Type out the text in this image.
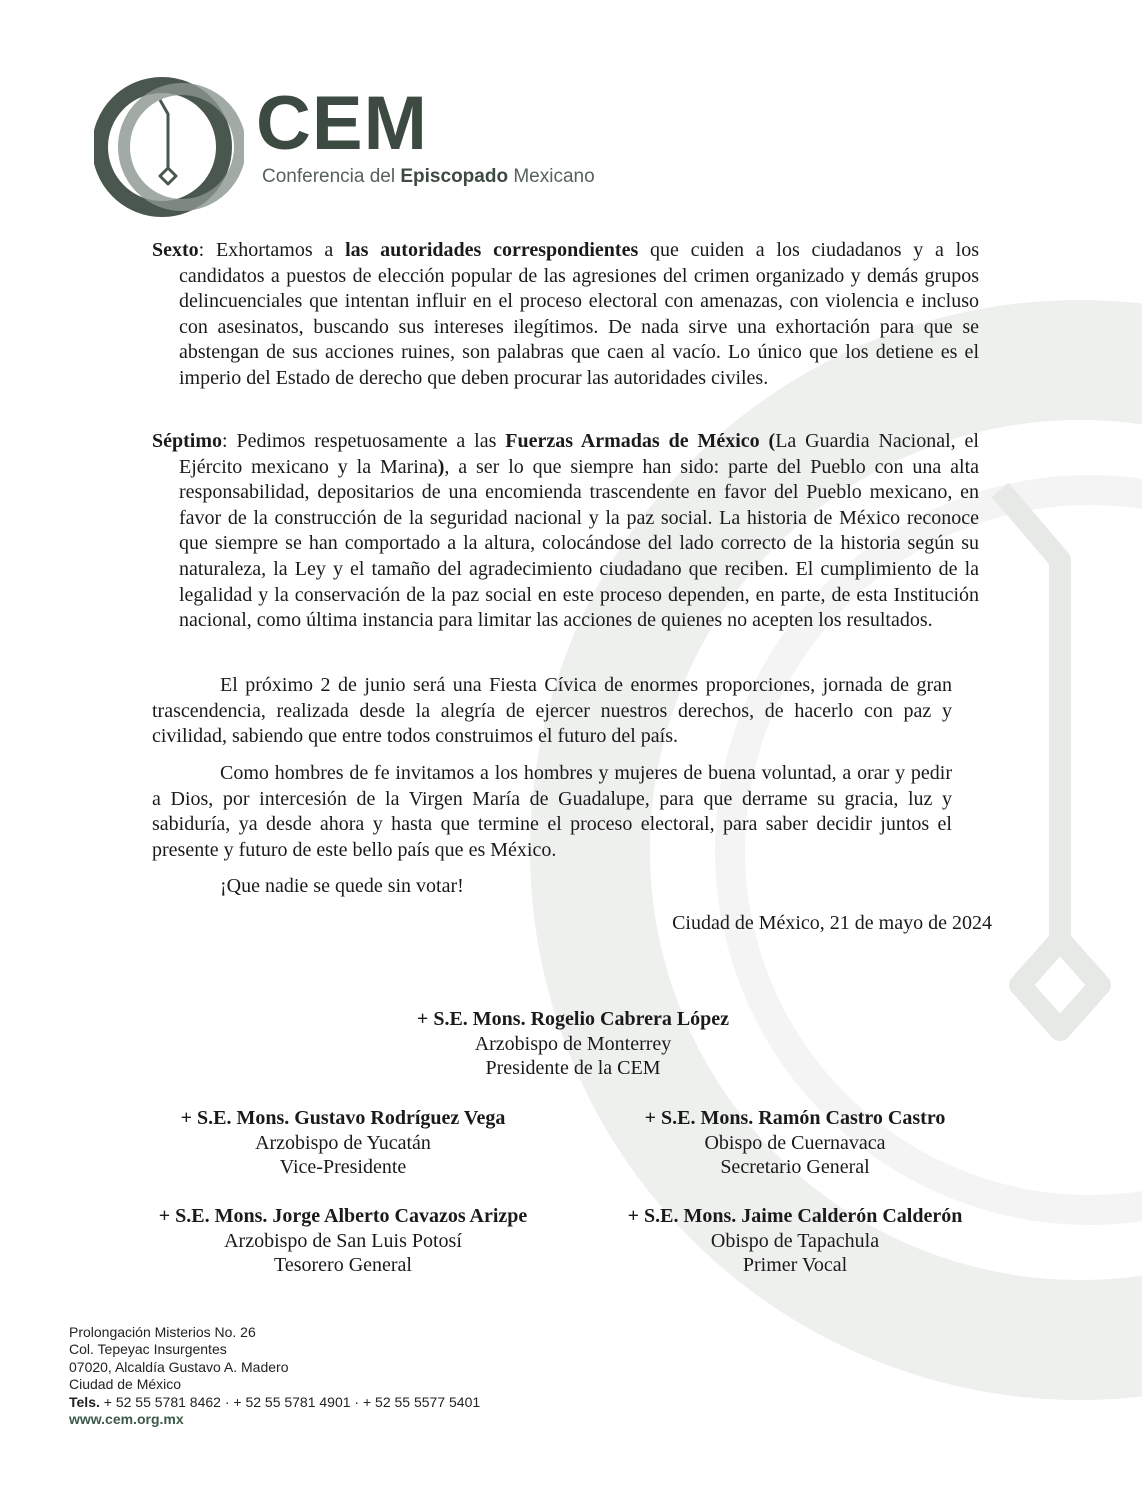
CEM
Conferencia del Episcopado Mexicano

Sexto: Exhortamos a las autoridades correspondientes que cuiden a los ciudadanos y a los candidatos a puestos de elección popular de las agresiones del crimen organizado y demás grupos delincuenciales que intentan influir en el proceso electoral con amenazas, con violencia e incluso con asesinatos, buscando sus intereses ilegítimos. De nada sirve una exhortación para que se abstengan de sus acciones ruines, son palabras que caen al vacío. Lo único que los detiene es el imperio del Estado de derecho que deben procurar las autoridades civiles.

Séptimo: Pedimos respetuosamente a las Fuerzas Armadas de México (La Guardia Nacional, el Ejército mexicano y la Marina), a ser lo que siempre han sido: parte del Pueblo con una alta responsabilidad, depositarios de una encomienda trascendente en favor del Pueblo mexicano, en favor de la construcción de la seguridad nacional y la paz social. La historia de México reconoce que siempre se han comportado a la altura, colocándose del lado correcto de la historia según su naturaleza, la Ley y el tamaño del agradecimiento ciudadano que reciben. El cumplimiento de la legalidad y la conservación de la paz social en este proceso dependen, en parte, de esta Institución nacional, como última instancia para limitar las acciones de quienes no acepten los resultados.

El próximo 2 de junio será una Fiesta Cívica de enormes proporciones, jornada de gran trascendencia, realizada desde la alegría de ejercer nuestros derechos, de hacerlo con paz y civilidad, sabiendo que entre todos construimos el futuro del país.

Como hombres de fe invitamos a los hombres y mujeres de buena voluntad, a orar y pedir a Dios, por intercesión de la Virgen María de Guadalupe, para que derrame su gracia, luz y sabiduría, ya desde ahora y hasta que termine el proceso electoral, para saber decidir juntos el presente y futuro de este bello país que es México.

¡Que nadie se quede sin votar!

Ciudad de México, 21 de mayo de 2024
+ S.E. Mons. Rogelio Cabrera López
Arzobispo de Monterrey
Presidente de la CEM
+ S.E. Mons. Gustavo Rodríguez Vega
Arzobispo de Yucatán
Vice-Presidente
+ S.E. Mons. Ramón Castro Castro
Obispo de Cuernavaca
Secretario General
+ S.E. Mons. Jorge Alberto Cavazos Arizpe
Arzobispo de San Luis Potosí
Tesorero General
+ S.E. Mons. Jaime Calderón Calderón
Obispo de Tapachula
Primer Vocal
Prolongación Misterios No. 26
Col. Tepeyac Insurgentes
07020, Alcaldía Gustavo A. Madero
Ciudad de México
Tels. + 52 55 5781 8462 · + 52 55 5781 4901 · + 52 55 5577 5401
www.cem.org.mx
